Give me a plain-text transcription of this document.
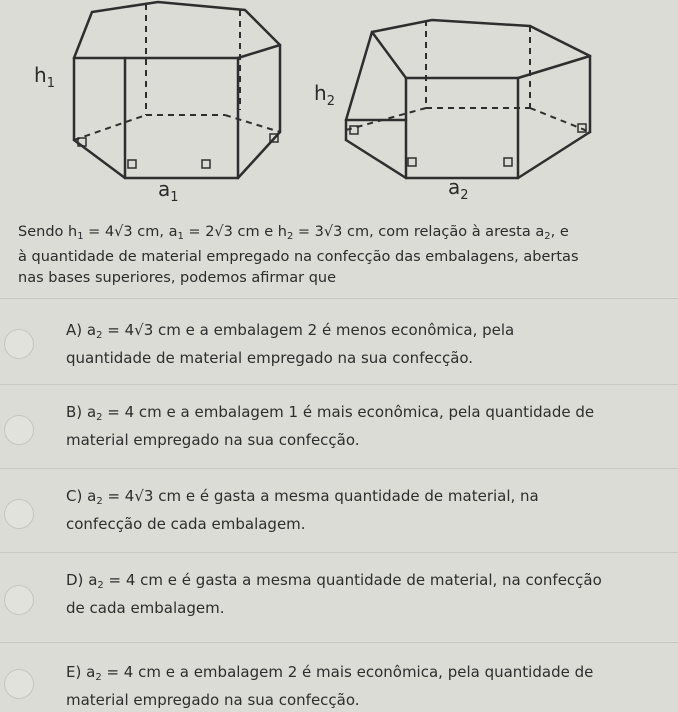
$h_1$
$a_1$
$h_2$
$a_2$
Sendo $h_1 = 4√3$ cm, $a_1 = 2√3$ cm e $h_2 = 3√3$ cm, com relação à aresta $a_2$, e
à quantidade de material empregado na confecção das embalagens, abertas
nas bases superiores, podemos afirmar que
A) $a_2 = 4√3$ cm e a embalagem 2 é menos econômica, pela
quantidade de material empregado na sua confecção.
B) $a_2 = 4$ cm e a embalagem 1 é mais econômica, pela quantidade de
material empregado na sua confecção.
C) $a_2 = 4√3$ cm e é gasta a mesma quantidade de material, na
confecção de cada embalagem.
D) $a_2 = 4$ cm e é gasta a mesma quantidade de material, na confecção
de cada embalagem.
E) $a_2 = 4$ cm e a embalagem 2 é mais econômica, pela quantidade de
material empregado na sua confecção.
